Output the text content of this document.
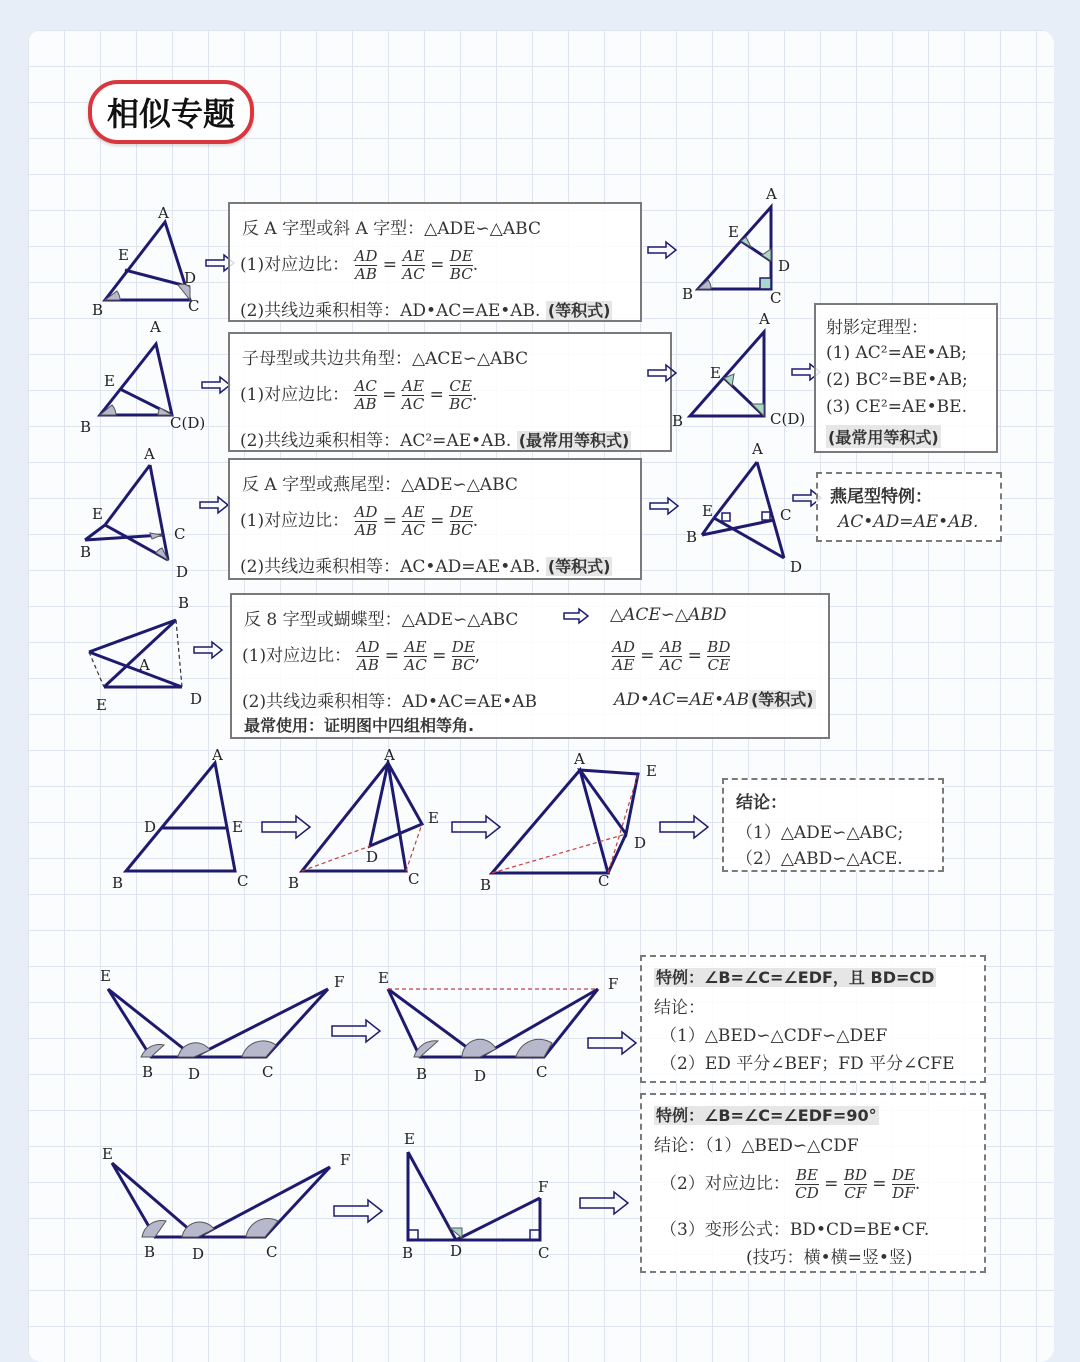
相似专题
A
E
D
B	C
反 A 字型或斜 A 字型：△ADE∽△ABC
(1)对应边比： $\frac{AD}{AB} = \frac{AE}{AC} = \frac{DE}{BC}$ .
(2)共线边乘积相等：AD•AC=AE•AB. (等积式)
A
E
D
B	C
A
E
B	C(D)
子母型或共边共角型：△ACE∽△ABC
(1)对应边比： $\frac{AC}{AB} = \frac{AE}{AC} = \frac{CE}{BC}$ .
(2)共线边乘积相等：AC²=AE•AB. (最常用等积式)
A
E
B	C(D)
射影定理型：
(1) AC²=AE•AB;
(2) BC²=BE•AB;
(3) CE²=AE•BE.
(最常用等积式)
A
E
C
B
D
反 A 字型或燕尾型：△ADE∽△ABC
(1)对应边比： $\frac{AD}{AB} = \frac{AE}{AC} = \frac{DE}{BC}$ .
(2)共线边乘积相等：AC•AD=AE•AB. (等积式)
A
E	C
B
D
燕尾型特例：
AC•AD=AE•AB.
B
A
E	D
反 8 字型或蝴蝶型：△ADE∽△ABC	△ACE∽△ABD
(1)对应边比： $\frac{AD}{AB} = \frac{AE}{AC} = \frac{DE}{BC}$ ,	$\frac{AD}{AE} = \frac{AB}{AC} = \frac{BD}{CE}$
(2)共线边乘积相等：AD•AC=AE•AB	AD•AC=AE•AB (等积式)
最常使用：证明图中四组相等角.
A
D	E
B	C
A
D
E
B	C
A
E
D
B	C
结论：
（1）△ADE∽△ABC;
（2）△ABD∽△ACE.
E	F
B D	C
E	F
B	D	C
特例：∠B=∠C=∠EDF，且 BD=CD
结论：
（1）△BED∽△CDF∽△DEF
（2）ED 平分∠BEF；FD 平分∠CFE
E	F
B D	C
E
F
B D	C
特例：∠B=∠C=∠EDF=90°
结论：（1）△BED∽△CDF
（2）对应边比： $\frac{BE}{CD} = \frac{BD}{CF} = \frac{DE}{DF}$ .
（3）变形公式：BD•CD=BE•CF.
(技巧：横•横=竖•竖)
